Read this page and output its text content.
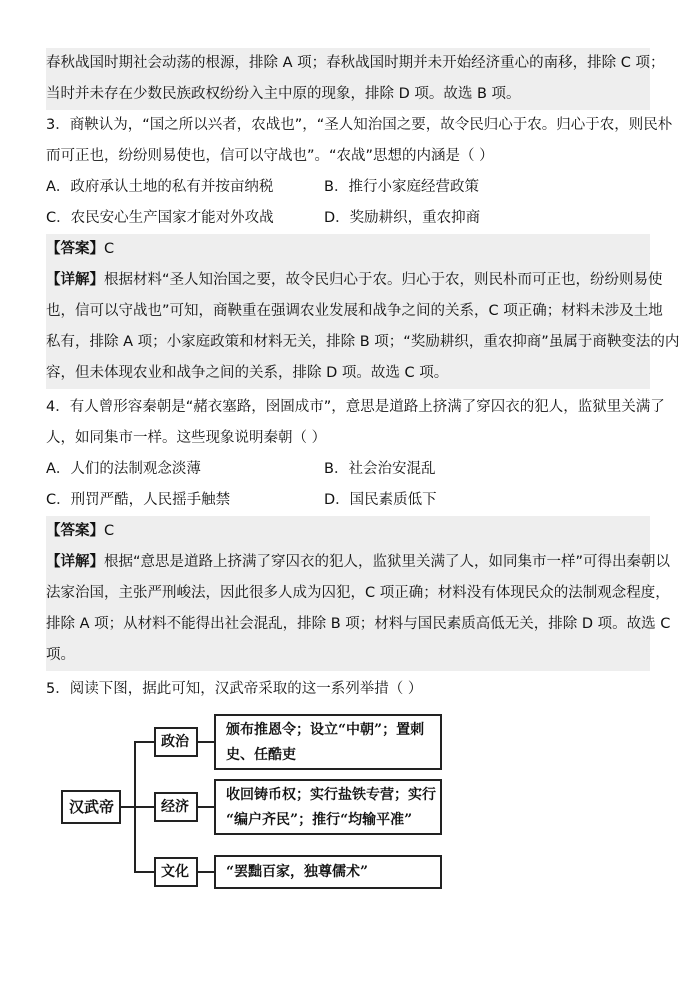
春秋战国时期社会动荡的根源，排除 A 项；春秋战国时期并未开始经济重心的南移，排除 C 项；
当时并未存在少数民族政权纷纷入主中原的现象，排除 D 项。故选 B 项。
3．商鞅认为，“国之所以兴者，农战也”，“圣人知治国之要，故令民归心于农。归心于农，则民朴
而可正也，纷纷则易使也，信可以守战也”。“农战”思想的内涵是（ ）
A．政府承认土地的私有并按亩纳税	B．推行小家庭经营政策
C．农民安心生产国家才能对外攻战	D．奖励耕织，重农抑商
【答案】C
【详解】根据材料“圣人知治国之要，故令民归心于农。归心于农，则民朴而可正也，纷纷则易使
也，信可以守战也”可知，商鞅重在强调农业发展和战争之间的关系，C 项正确；材料未涉及土地
私有，排除 A 项；小家庭政策和材料无关，排除 B 项；“奖励耕织，重农抑商”虽属于商鞅变法的内
容，但未体现农业和战争之间的关系，排除 D 项。故选 C 项。
4．有人曾形容秦朝是“赭衣塞路，囹圄成市”，意思是道路上挤满了穿囚衣的犯人，监狱里关满了
人，如同集市一样。这些现象说明秦朝（ ）
A．人们的法制观念淡薄	B．社会治安混乱
C．刑罚严酷，人民摇手触禁	D．国民素质低下
【答案】C
【详解】根据“意思是道路上挤满了穿囚衣的犯人，监狱里关满了人，如同集市一样”可得出秦朝以
法家治国，主张严刑峻法，因此很多人成为囚犯，C 项正确；材料没有体现民众的法制观念程度，
排除 A 项；从材料不能得出社会混乱，排除 B 项；材料与国民素质高低无关，排除 D 项。故选 C
项。
5．阅读下图，据此可知，汉武帝采取的这一系列举措（ ）
汉武帝
政治
颁布推恩令；设立“中朝”；置刺
史、任酷吏
经济
收回铸币权；实行盐铁专营；实行
“编户齐民”；推行“均输平准”
文化	“罢黜百家，独尊儒术”
